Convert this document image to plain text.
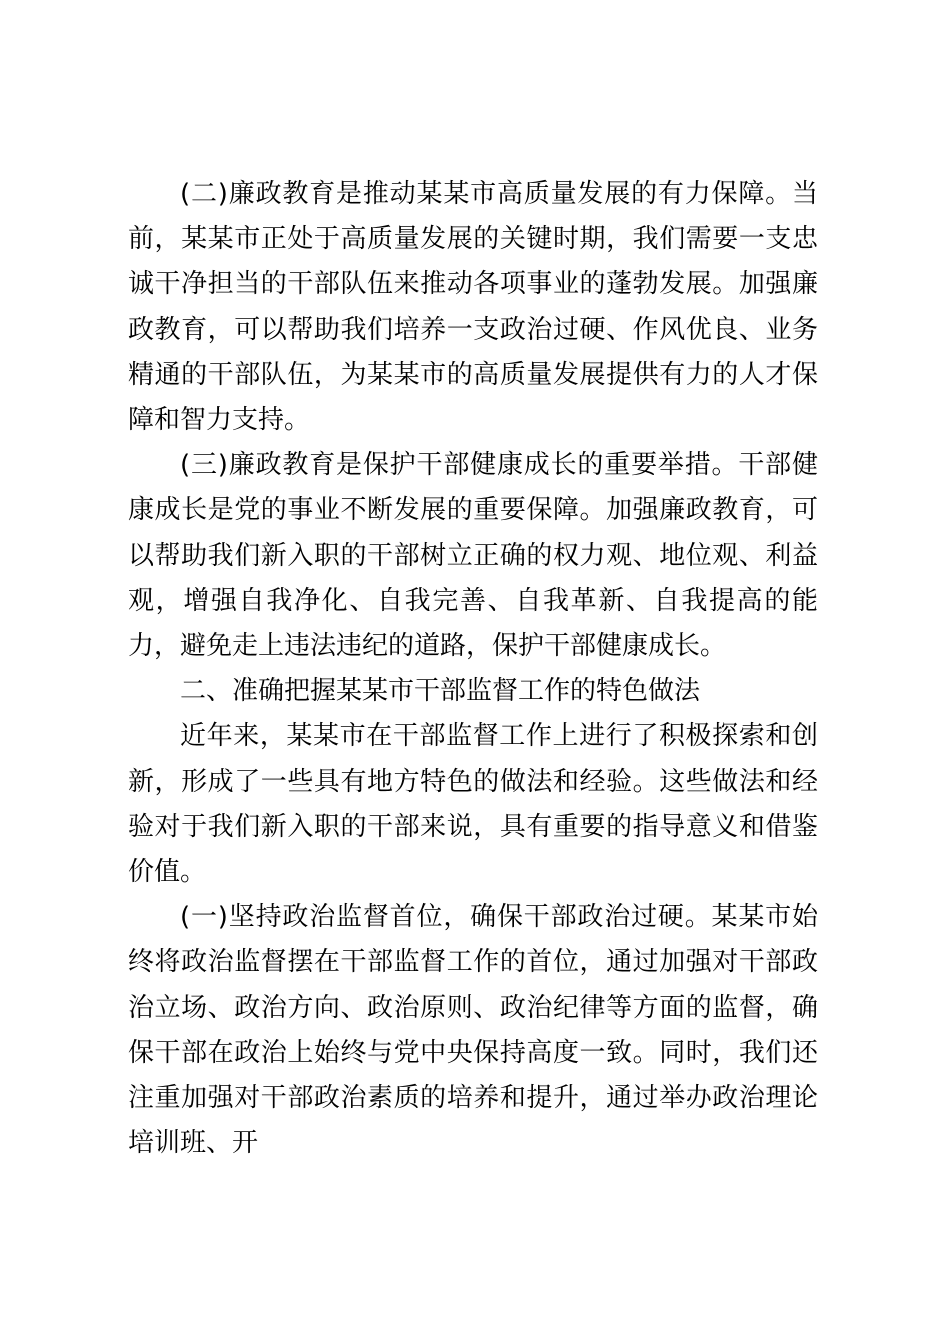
(二)廉政教育是推动某某市高质量发展的有力保障。当前，某某市正处于高质量发展的关键时期，我们需要一支忠诚干净担当的干部队伍来推动各项事业的蓬勃发展。加强廉政教育，可以帮助我们培养一支政治过硬、作风优良、业务精通的干部队伍，为某某市的高质量发展提供有力的人才保障和智力支持。

(三)廉政教育是保护干部健康成长的重要举措。干部健康成长是党的事业不断发展的重要保障。加强廉政教育，可以帮助我们新入职的干部树立正确的权力观、地位观、利益观，增强自我净化、自我完善、自我革新、自我提高的能力，避免走上违法违纪的道路，保护干部健康成长。

二、准确把握某某市干部监督工作的特色做法

近年来，某某市在干部监督工作上进行了积极探索和创新，形成了一些具有地方特色的做法和经验。这些做法和经验对于我们新入职的干部来说，具有重要的指导意义和借鉴价值。

(一)坚持政治监督首位，确保干部政治过硬。某某市始终将政治监督摆在干部监督工作的首位，通过加强对干部政治立场、政治方向、政治原则、政治纪律等方面的监督，确保干部在政治上始终与党中央保持高度一致。同时，我们还注重加强对干部政治素质的培养和提升，通过举办政治理论培训班、开
